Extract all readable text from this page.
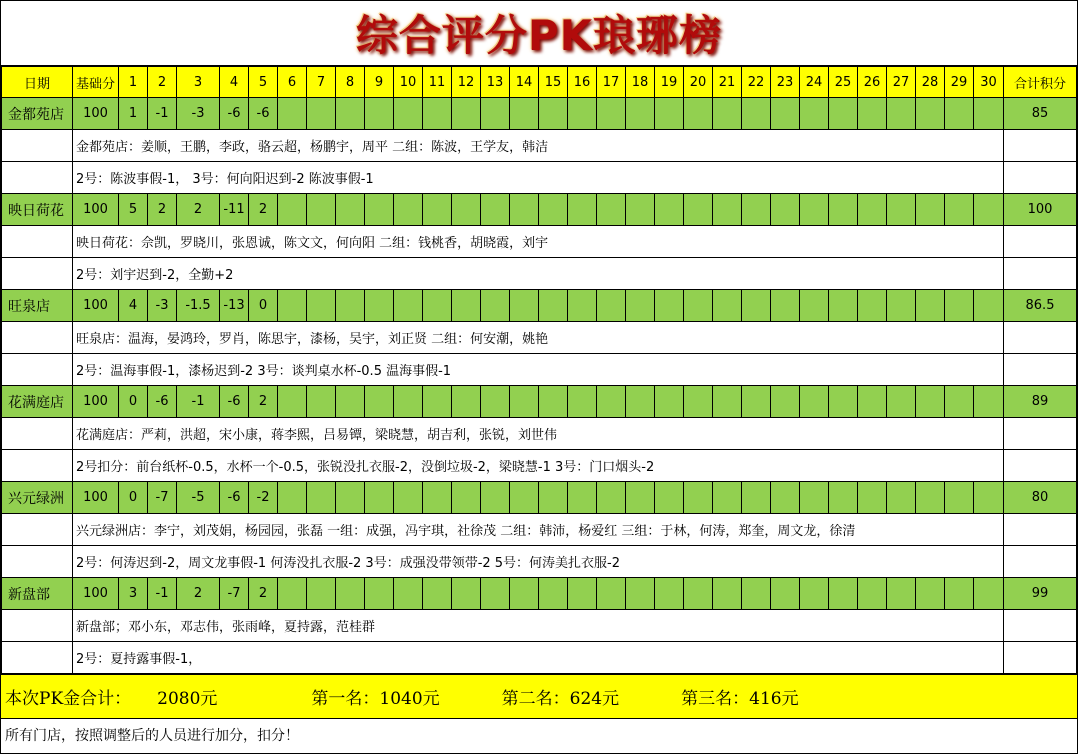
综合评分PK琅琊榜
日期	基础分	1	2	3	4	5	6	7	8	9	10	11	12	13	14	15	16	17	18	19	20	21	22	23	24	25	26	27	28	29	30	合计积分
金都苑店	100	1	-1	-3	-6	-6																										85
	金都苑店：姜顺，王鹏，李政，骆云超，杨鹏宇，周平 二组：陈波，王学友，韩洁																															
	2号：陈波事假-1， 3号：何向阳迟到-2 陈波事假-1																															
映日荷花	100	5	2	2	-11	2																										100
	映日荷花：佘凯，罗晓川，张恩诚，陈文文，何向阳 二组：钱桃香，胡晓霞，刘宇																															
	2号：刘宇迟到-2，全勤+2																															
旺泉店	100	4	-3	-1.5	-13	0																										86.5
	旺泉店：温海，晏鸿玲，罗肖，陈思宇，漆杨，吴宇，刘正贤 二组：何安潮，姚艳																															
	2号：温海事假-1，漆杨迟到-2 3号：谈判桌水杯-0.5 温海事假-1																															
花满庭店	100	0	-6	-1	-6	2																										89
	花满庭店：严莉，洪超，宋小康，蒋李熙，吕易镡，梁晓慧，胡吉利，张锐，刘世伟																															
	2号扣分：前台纸杯-0.5，水杯一个-0.5，张锐没扎衣服-2，没倒垃圾-2，梁晓慧-1 3号：门口烟头-2																															
兴元绿洲	100	0	-7	-5	-6	-2																										80
	兴元绿洲店：李宁，刘茂娟，杨园园，张磊 一组：成强，冯宇琪，社徐茂 二组：韩沛，杨爱红 三组：于林，何涛，郑奎，周文龙，徐清																															
	2号：何涛迟到-2，周文龙事假-1 何涛没扎衣服-2 3号：成强没带领带-2 5号：何涛美扎衣服-2																															
新盘部	100	3	-1	2	-7	2																										99
	新盘部；邓小东，邓志伟，张雨峰，夏持露，范桂群																															
	2号：夏持露事假-1，																															
本次PK金合计： 2080元	第一名：1040元	第二名：624元	第三名：416元
所有门店，按照调整后的人员进行加分，扣分！
